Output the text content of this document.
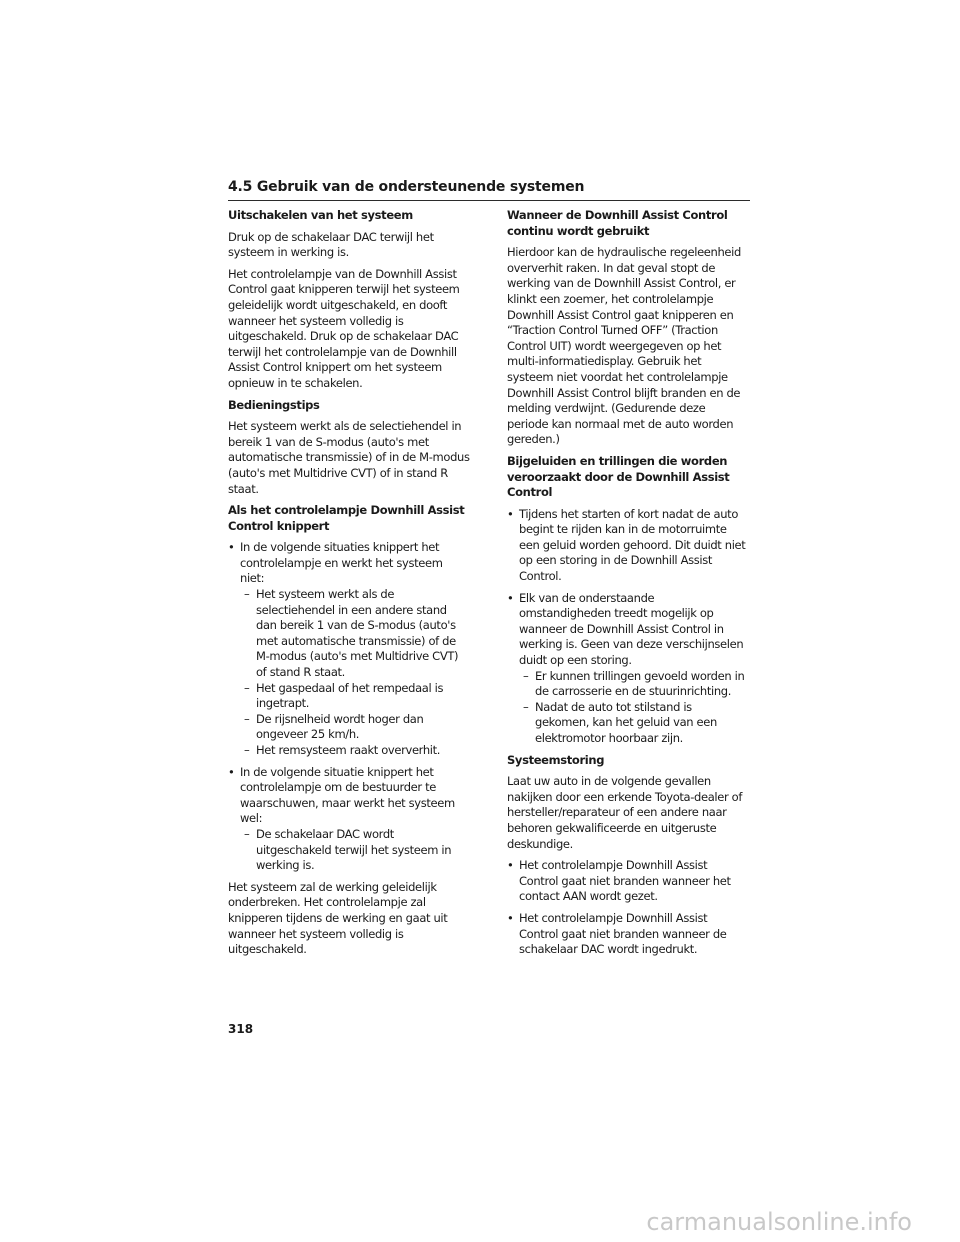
4.5 Gebruik van de ondersteunende systemen
Uitschakelen van het systeem
Druk op de schakelaar DAC terwijl het systeem in werking is.
Het controlelampje van de Downhill Assist Control gaat knipperen terwijl het systeem geleidelijk wordt uitgeschakeld, en dooft wanneer het systeem volledig is uitgeschakeld. Druk op de schakelaar DAC terwijl het controlelampje van de Downhill Assist Control knippert om het systeem opnieuw in te schakelen.
Bedieningstips
Het systeem werkt als de selectiehendel in bereik 1 van de S-modus (auto's met automatische transmissie) of in de M-modus (auto's met Multidrive CVT) of in stand R staat.
Als het controlelampje Downhill Assist Control knippert
• In de volgende situaties knippert het controlelampje en werkt het systeem niet:
– Het systeem werkt als de selectiehendel in een andere stand dan bereik 1 van de S-modus (auto's met automatische transmissie) of de M-modus (auto's met Multidrive CVT) of stand R staat.
– Het gaspedaal of het rempedaal is ingetrapt.
– De rijsnelheid wordt hoger dan ongeveer 25 km/h.
– Het remsysteem raakt oververhit.
• In de volgende situatie knippert het controlelampje om de bestuurder te waarschuwen, maar werkt het systeem wel:
– De schakelaar DAC wordt uitgeschakeld terwijl het systeem in werking is.
Het systeem zal de werking geleidelijk onderbreken. Het controlelampje zal knipperen tijdens de werking en gaat uit wanneer het systeem volledig is uitgeschakeld.
Wanneer de Downhill Assist Control continu wordt gebruikt
Hierdoor kan de hydraulische regeleenheid oververhit raken. In dat geval stopt de werking van de Downhill Assist Control, er klinkt een zoemer, het controlelampje Downhill Assist Control gaat knipperen en “Traction Control Turned OFF” (Traction Control UIT) wordt weergegeven op het multi-informatiedisplay. Gebruik het systeem niet voordat het controlelampje Downhill Assist Control blijft branden en de melding verdwijnt. (Gedurende deze periode kan normaal met de auto worden gereden.)
Bijgeluiden en trillingen die worden veroorzaakt door de Downhill Assist Control
• Tijdens het starten of kort nadat de auto begint te rijden kan in de motorruimte een geluid worden gehoord. Dit duidt niet op een storing in de Downhill Assist Control.
• Elk van de onderstaande omstandigheden treedt mogelijk op wanneer de Downhill Assist Control in werking is. Geen van deze verschijnselen duidt op een storing.
– Er kunnen trillingen gevoeld worden in de carrosserie en de stuurinrichting.
– Nadat de auto tot stilstand is gekomen, kan het geluid van een elektromotor hoorbaar zijn.
Systeemstoring
Laat uw auto in de volgende gevallen nakijken door een erkende Toyota-dealer of hersteller/reparateur of een andere naar behoren gekwalificeerde en uitgeruste deskundige.
• Het controlelampje Downhill Assist Control gaat niet branden wanneer het contact AAN wordt gezet.
• Het controlelampje Downhill Assist Control gaat niet branden wanneer de schakelaar DAC wordt ingedrukt.
318
carmanualsonline.info
